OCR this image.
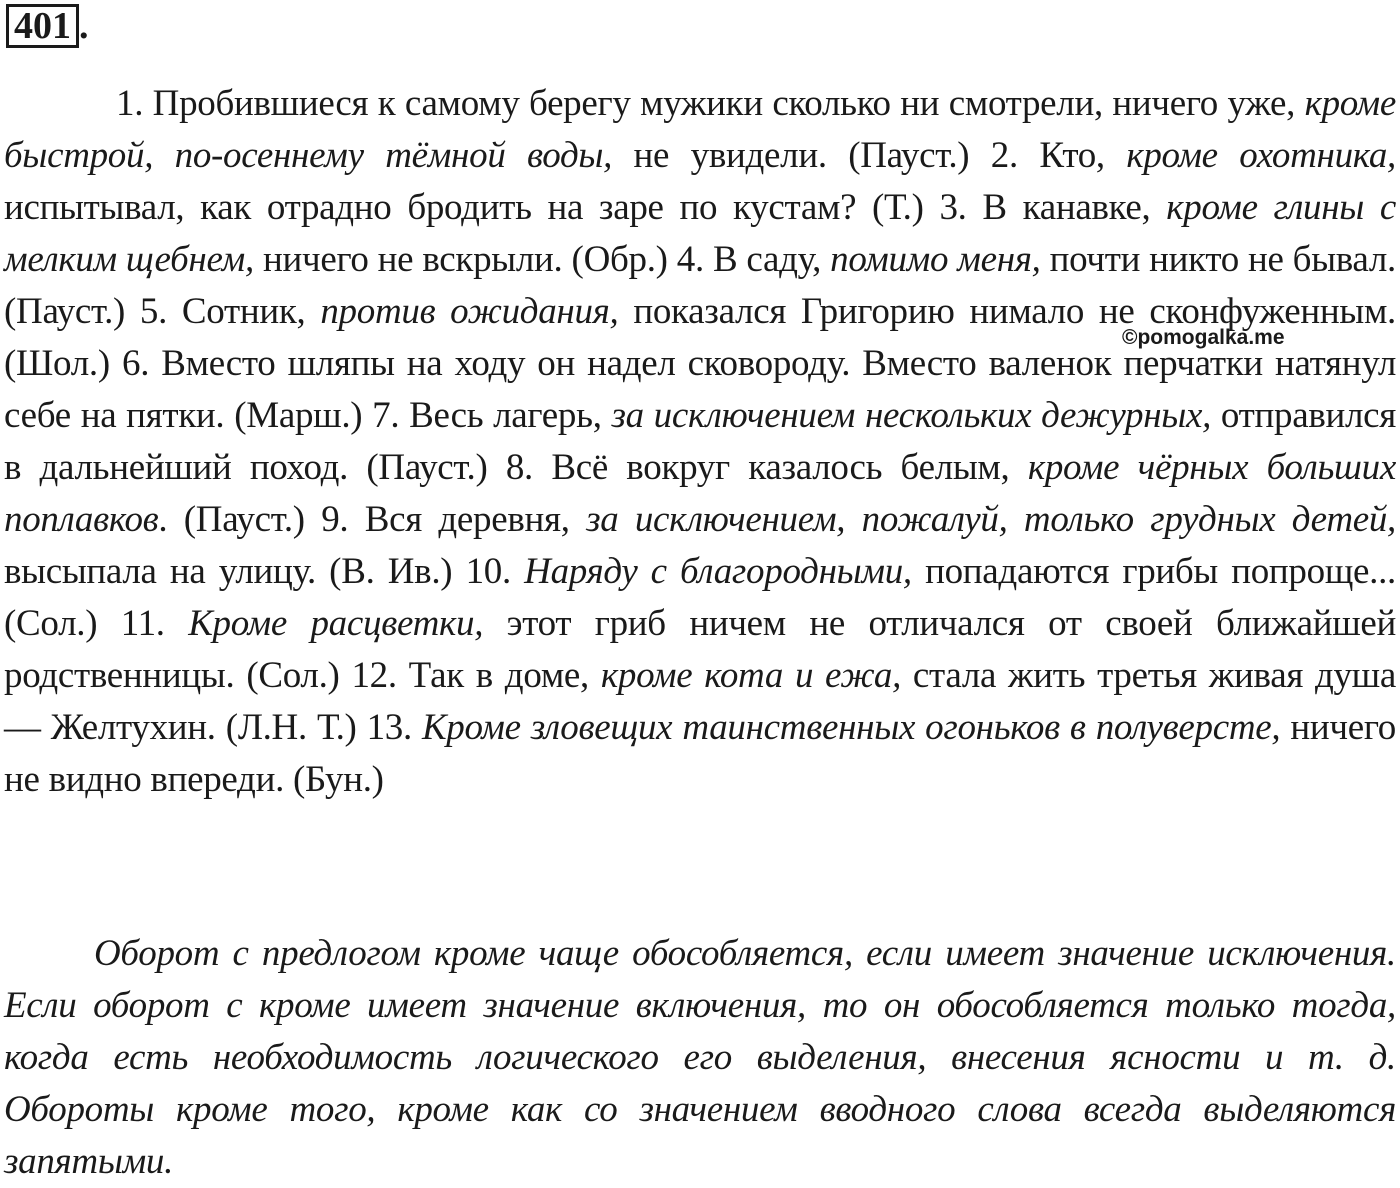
401 .
©pomogalka.me

1. Пробившиеся к самому берегу мужики сколько ни смотрели, ничего уже, кроме быстрой, по-осеннему тёмной воды, не увидели. (Пауст.) 2. Кто, кроме охотника, испытывал, как отрадно бродить на заре по кустам? (Т.) 3. В канавке, кроме глины с мелким щебнем, ничего не вскрыли. (Обр.) 4. В саду, помимо меня, почти никто не бывал. (Пауст.) 5. Сотник, против ожидания, показался Григорию нимало не сконфуженным. (Шол.) 6. Вместо шляпы на ходу он надел сковороду. Вместо валенок перчатки натянул себе на пятки. (Марш.) 7. Весь лагерь, за исключением нескольких дежурных, отправился в дальнейший поход. (Пауст.) 8. Всё вокруг казалось белым, кроме чёрных больших поплавков. (Пауст.) 9. Вся деревня, за исключением, пожалуй, только грудных детей, высыпала на улицу. (В. Ив.) 10. Наряду с благородными, попадаются грибы попроще... (Сол.) 11. Кроме расцветки, этот гриб ничем не отличался от своей ближайшей родственницы. (Сол.) 12. Так в доме, кроме кота и ежа, стала жить третья живая душа — Желтухин. (Л.Н. Т.) 13. Кроме зловещих таинственных огоньков в полуверсте, ничего не видно впереди. (Бун.)

Оборот с предлогом кроме чаще обособляется, если имеет значение исключения. Если оборот с кроме имеет значение включения, то он обособляется только тогда, когда есть необходимость логического его выделения, внесения ясности и т. д. Обороты кроме того, кроме как со значением вводного слова всегда выделяются запятыми.
